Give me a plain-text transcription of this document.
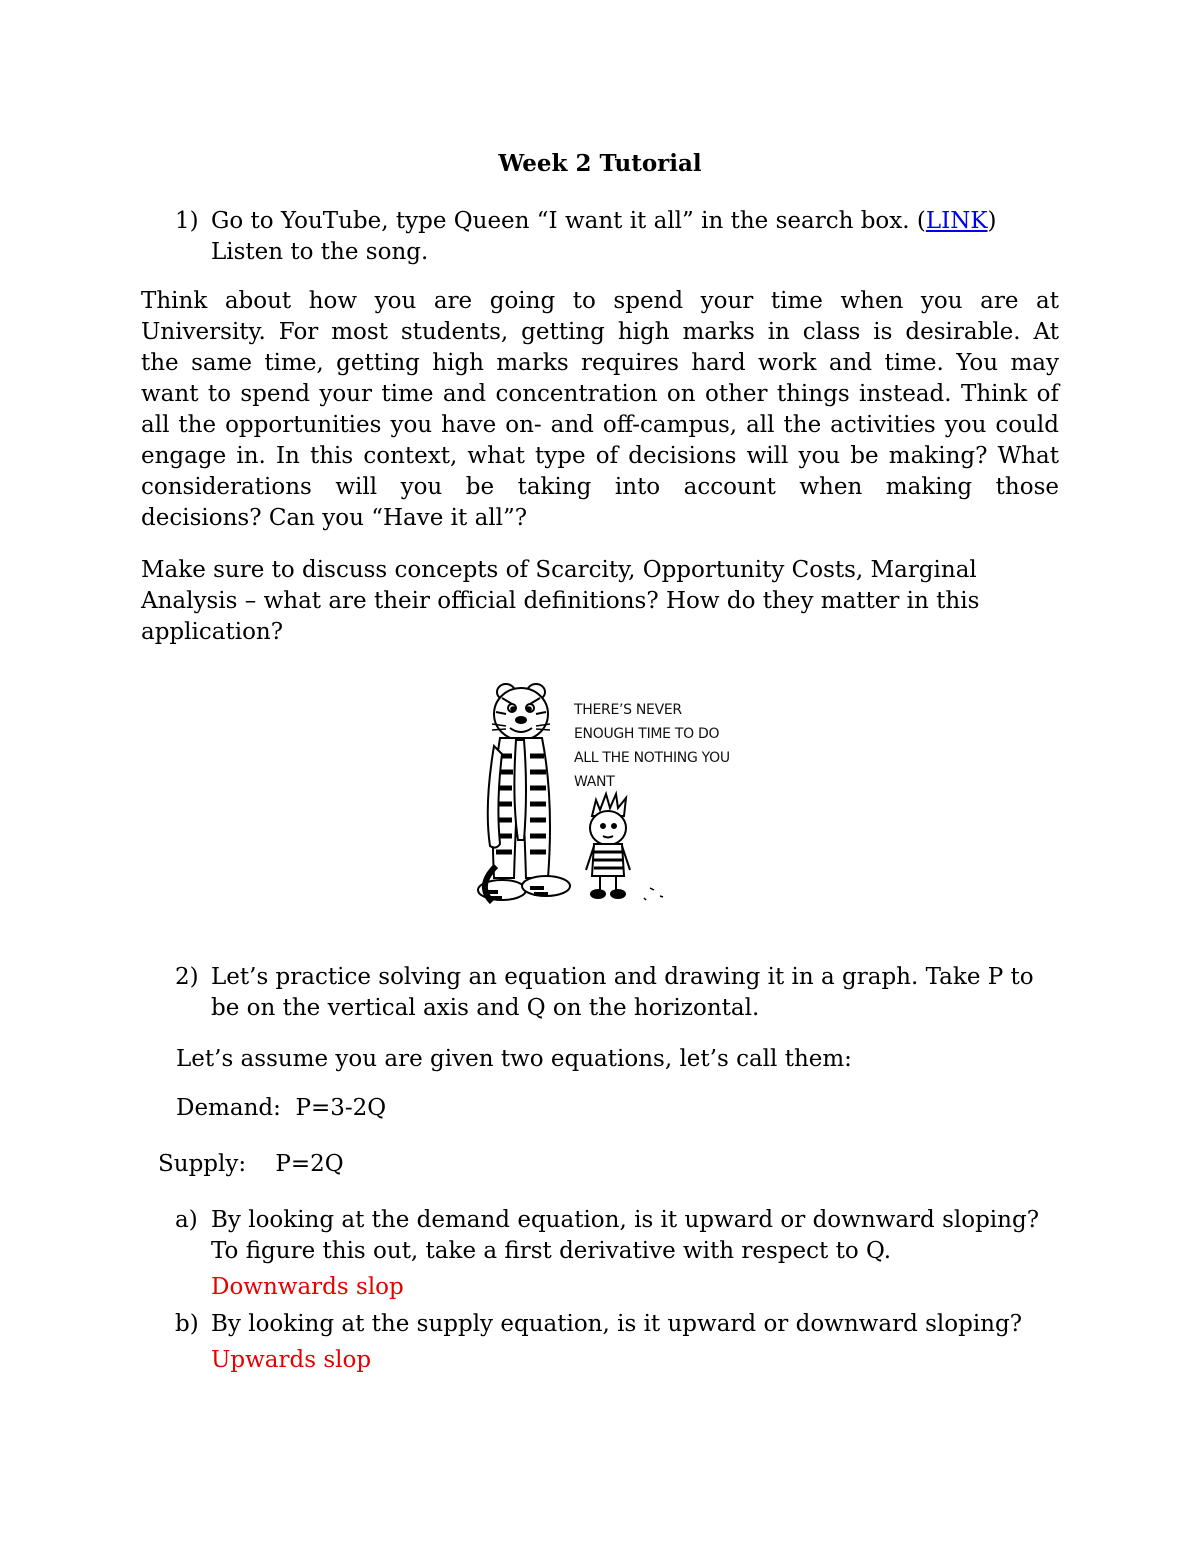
Week 2 Tutorial
1) Go to YouTube, type Queen “I want it all” in the search box. (LINK)
Listen to the song.
Think about how you are going to spend your time when you are at
University. For most students, getting high marks in class is desirable. At
the same time, getting high marks requires hard work and time. You may
want to spend your time and concentration on other things instead. Think of
all the opportunities you have on- and off-campus, all the activities you could
engage in. In this context, what type of decisions will you be making? What
considerations will you be taking into account when making those
decisions? Can you “Have it all”?
Make sure to discuss concepts of Scarcity, Opportunity Costs, Marginal
Analysis – what are their official definitions? How do they matter in this
application?
THERE’S NEVER
ENOUGH TIME TO DO
ALL THE NOTHING YOU
WANT
2) Let’s practice solving an equation and drawing it in a graph. Take P to
be on the vertical axis and Q on the horizontal.
Let’s assume you are given two equations, let’s call them:
Demand: P=3-2Q
Supply: P=2Q
a) By looking at the demand equation, is it upward or downward sloping?
To figure this out, take a first derivative with respect to Q.
Downwards slop
b) By looking at the supply equation, is it upward or downward sloping?
Upwards slop
